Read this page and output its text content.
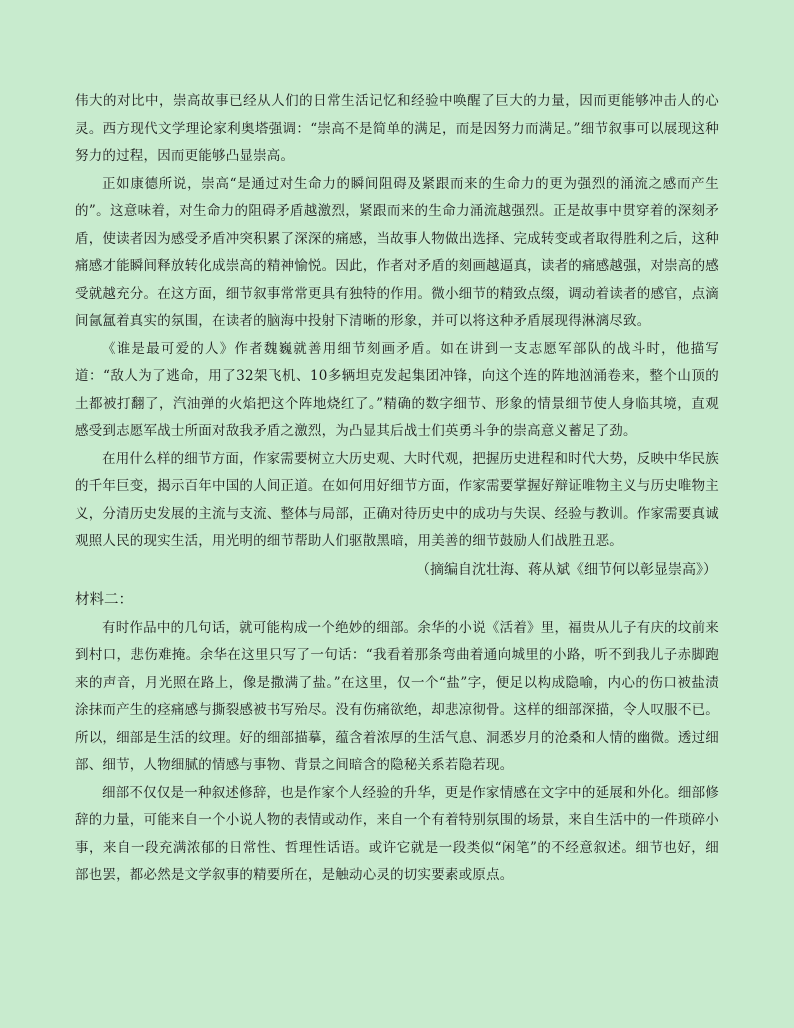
伟大的对比中，崇高故事已经从人们的日常生活记忆和经验中唤醒了巨大的力量，因而更能够冲击人的心灵。西方现代文学理论家利奥塔强调：“崇高不是简单的满足，而是因努力而满足。”细节叙事可以展现这种努力的过程，因而更能够凸显崇高。

正如康德所说，崇高“是通过对生命力的瞬间阻碍及紧跟而来的生命力的更为强烈的涌流之感而产生的”。这意味着，对生命力的阻碍矛盾越激烈，紧跟而来的生命力涌流越强烈。正是故事中贯穿着的深刻矛盾，使读者因为感受矛盾冲突积累了深深的痛感，当故事人物做出选择、完成转变或者取得胜利之后，这种痛感才能瞬间释放转化成崇高的精神愉悦。因此，作者对矛盾的刻画越逼真，读者的痛感越强，对崇高的感受就越充分。在这方面，细节叙事常常更具有独特的作用。微小细节的精致点缀，调动着读者的感官，点滴间氤氲着真实的氛围，在读者的脑海中投射下清晰的形象，并可以将这种矛盾展现得淋漓尽致。

《谁是最可爱的人》作者魏巍就善用细节刻画矛盾。如在讲到一支志愿军部队的战斗时，他描写道：“敌人为了逃命，用了32架飞机、10多辆坦克发起集团冲锋，向这个连的阵地汹涌卷来，整个山顶的土都被打翻了，汽油弹的火焰把这个阵地烧红了。”精确的数字细节、形象的情景细节使人身临其境，直观感受到志愿军战士所面对敌我矛盾之激烈，为凸显其后战士们英勇斗争的崇高意义蓄足了劲。

在用什么样的细节方面，作家需要树立大历史观、大时代观，把握历史进程和时代大势，反映中华民族的千年巨变，揭示百年中国的人间正道。在如何用好细节方面，作家需要掌握好辩证唯物主义与历史唯物主义，分清历史发展的主流与支流、整体与局部，正确对待历史中的成功与失误、经验与教训。作家需要真诚观照人民的现实生活，用光明的细节帮助人们驱散黑暗，用美善的细节鼓励人们战胜丑恶。

（摘编自沈壮海、蒋从斌《细节何以彰显崇高》）

材料二：

有时作品中的几句话，就可能构成一个绝妙的细部。余华的小说《活着》里，福贵从儿子有庆的坟前来到村口，悲伤难掩。余华在这里只写了一句话：“我看着那条弯曲着通向城里的小路，听不到我儿子赤脚跑来的声音，月光照在路上，像是撒满了盐。”在这里，仅一个“盐”字，便足以构成隐喻，内心的伤口被盐渍涂抹而产生的痉痛感与撕裂感被书写殆尽。没有伤痛欲绝，却悲凉彻骨。这样的细部深描，令人叹服不已。所以，细部是生活的纹理。好的细部描摹，蕴含着浓厚的生活气息、洞悉岁月的沧桑和人情的幽微。透过细部、细节，人物细腻的情感与事物、背景之间暗含的隐秘关系若隐若现。

细部不仅仅是一种叙述修辞，也是作家个人经验的升华，更是作家情感在文字中的延展和外化。细部修辞的力量，可能来自一个小说人物的表情或动作，来自一个有着特别氛围的场景，来自生活中的一件琐碎小事，来自一段充满浓郁的日常性、哲理性话语。或许它就是一段类似“闲笔”的不经意叙述。细节也好，细部也罢，都必然是文学叙事的精要所在，是触动心灵的切实要素或原点。
